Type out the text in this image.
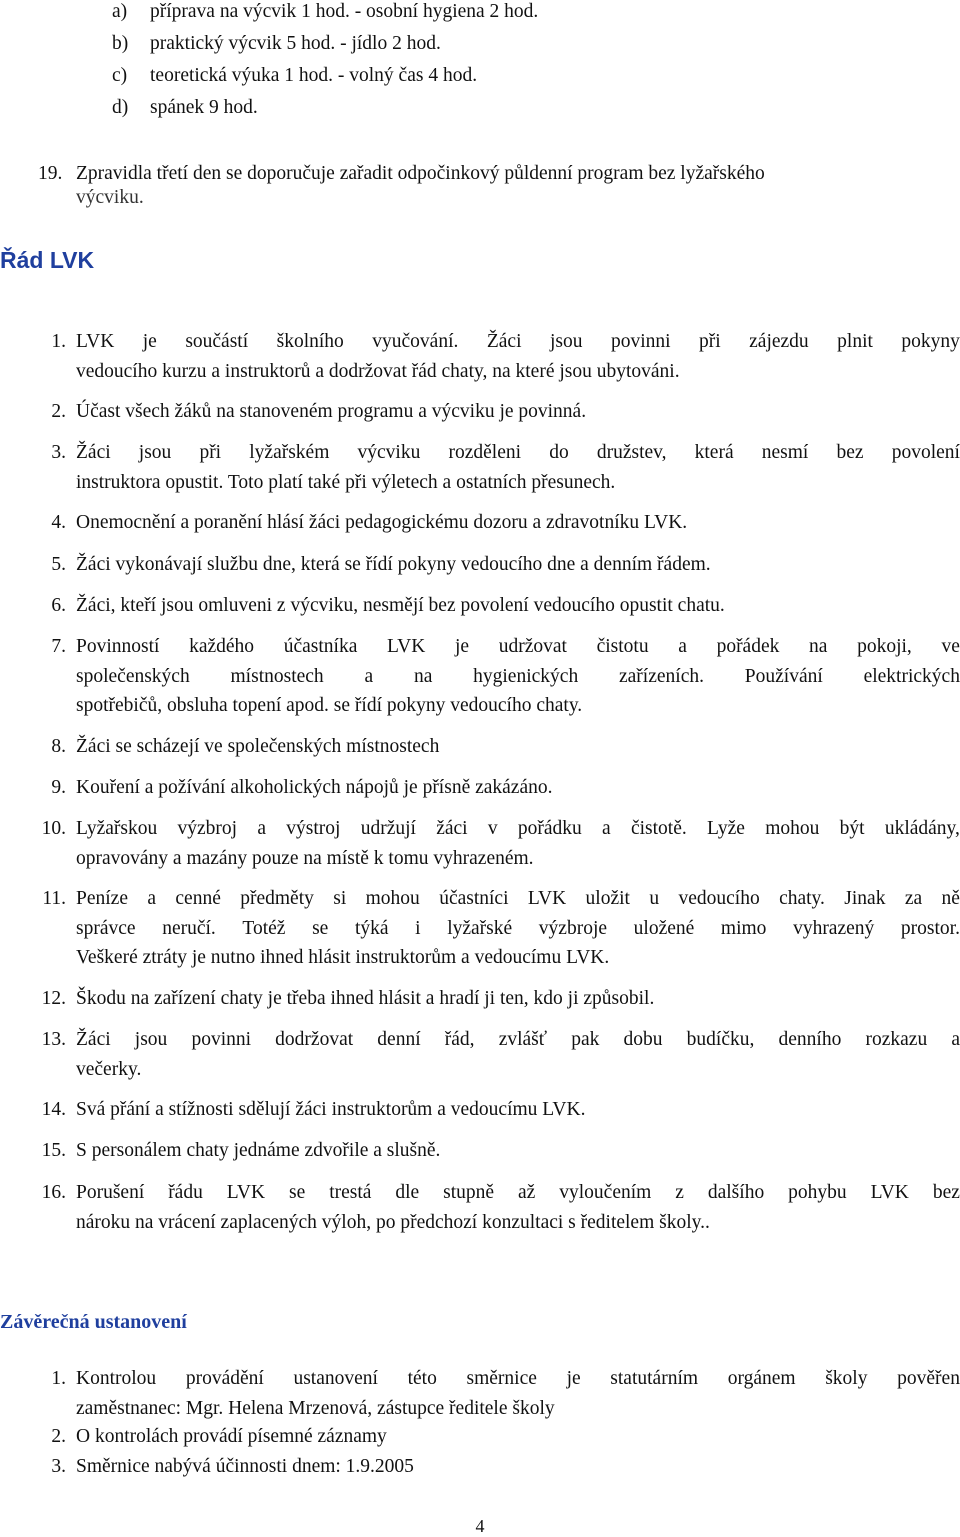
a) příprava na výcvik 1 hod. - osobní hygiena 2 hod.
b) praktický výcvik 5 hod. - jídlo 2 hod.
c) teoretická výuka 1 hod. - volný čas 4 hod.
d) spánek 9 hod.
19. Zpravidla třetí den se doporučuje zařadit odpočinkový půldenní program bez lyžařského
výcviku.
Řád LVK
1. LVK je součástí školního vyučování. Žáci jsou povinni při zájezdu plnit pokyny
vedoucího kurzu a instruktorů a dodržovat řád chaty, na které jsou ubytováni.
2. Účast všech žáků na stanoveném programu a výcviku je povinná.
3. Žáci jsou při lyžařském výcviku rozděleni do družstev, která nesmí bez povolení
instruktora opustit. Toto platí také při výletech a ostatních přesunech.
4. Onemocnění a poranění hlásí žáci pedagogickému dozoru a zdravotníku LVK.
5. Žáci vykonávají službu dne, která se řídí pokyny vedoucího dne a denním řádem.
6. Žáci, kteří jsou omluveni z výcviku, nesmějí bez povolení vedoucího opustit chatu.
7. Povinností každého účastníka LVK je udržovat čistotu a pořádek na pokoji, ve
společenských místnostech a na hygienických zařízeních. Používání elektrických
spotřebičů, obsluha topení apod. se řídí pokyny vedoucího chaty.
8. Žáci se scházejí ve společenských místnostech
9. Kouření a požívání alkoholických nápojů je přísně zakázáno.
10. Lyžařskou výzbroj a výstroj udržují žáci v pořádku a čistotě. Lyže mohou být ukládány,
opravovány a mazány pouze na místě k tomu vyhrazeném.
11. Peníze a cenné předměty si mohou účastníci LVK uložit u vedoucího chaty. Jinak za ně
správce neručí. Totéž se týká i lyžařské výzbroje uložené mimo vyhrazený prostor.
Veškeré ztráty je nutno ihned hlásit instruktorům a vedoucímu LVK.
12. Škodu na zařízení chaty je třeba ihned hlásit a hradí ji ten, kdo ji způsobil.
13. Žáci jsou povinni dodržovat denní řád, zvlášť pak dobu budíčku, denního rozkazu a
večerky.
14. Svá přání a stížnosti sdělují žáci instruktorům a vedoucímu LVK.
15. S personálem chaty jednáme zdvořile a slušně.
16. Porušení řádu LVK se trestá dle stupně až vyloučením z dalšího pohybu LVK bez
nároku na vrácení zaplacených výloh, po předchozí konzultaci s ředitelem školy..
Závěrečná ustanovení
1. Kontrolou provádění ustanovení této směrnice je statutárním orgánem školy pověřen
zaměstnanec: Mgr. Helena Mrzenová, zástupce ředitele školy
2. O kontrolách provádí písemné záznamy
3. Směrnice nabývá účinnosti dnem: 1.9.2005
4
